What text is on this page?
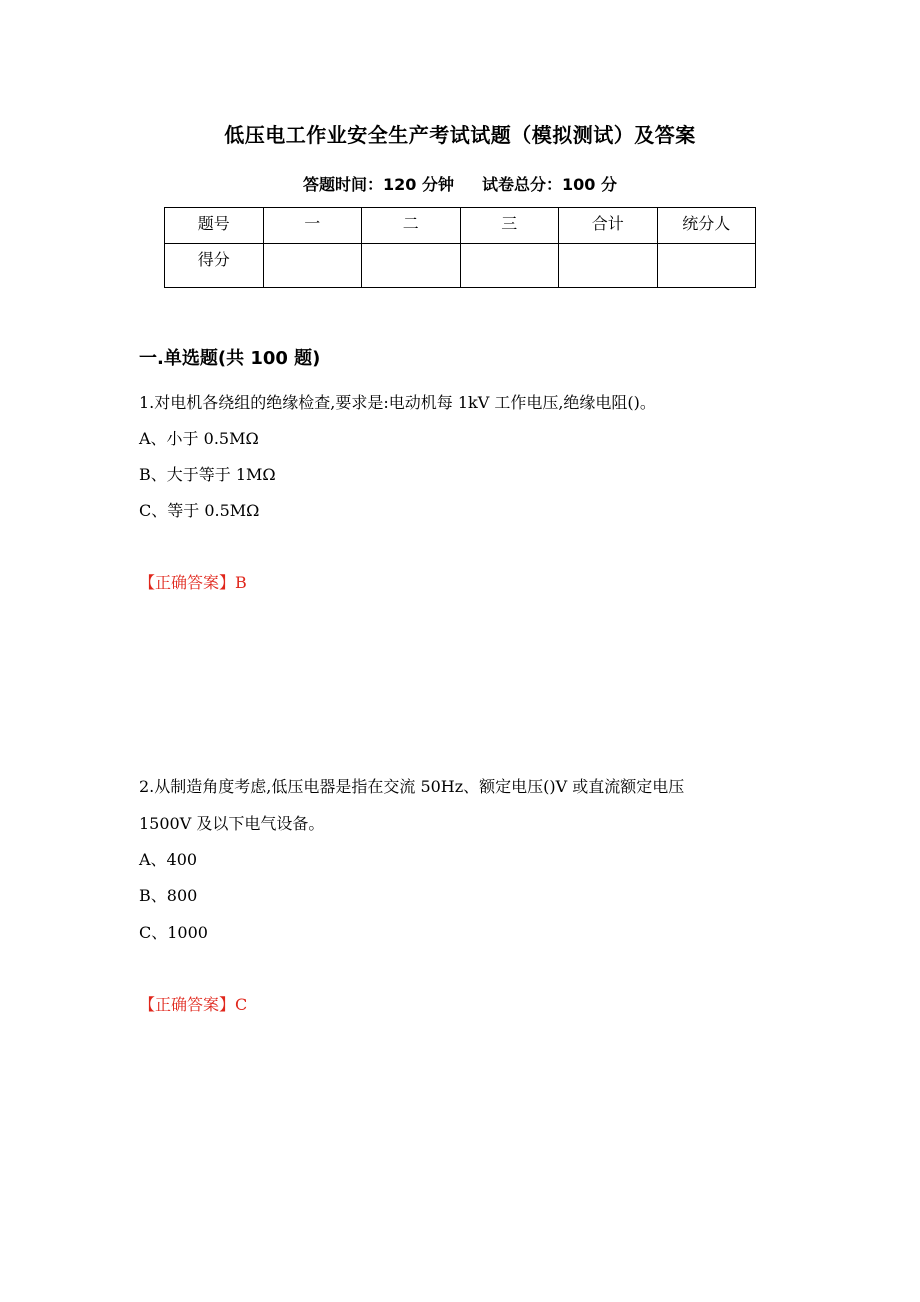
低压电工作业安全生产考试试题（模拟测试）及答案
答题时间：120 分钟 试卷总分：100 分
题号	一	二	三	合计	统分人
得分					
一.单选题(共 100 题)
1.对电机各绕组的绝缘检查,要求是:电动机每 1kV 工作电压,绝缘电阻()。
A、小于 0.5MΩ
B、大于等于 1MΩ
C、等于 0.5MΩ
【正确答案】B
2.从制造角度考虑,低压电器是指在交流 50Hz、额定电压()V 或直流额定电压
1500V 及以下电气设备。
A、400
B、800
C、1000
【正确答案】C
